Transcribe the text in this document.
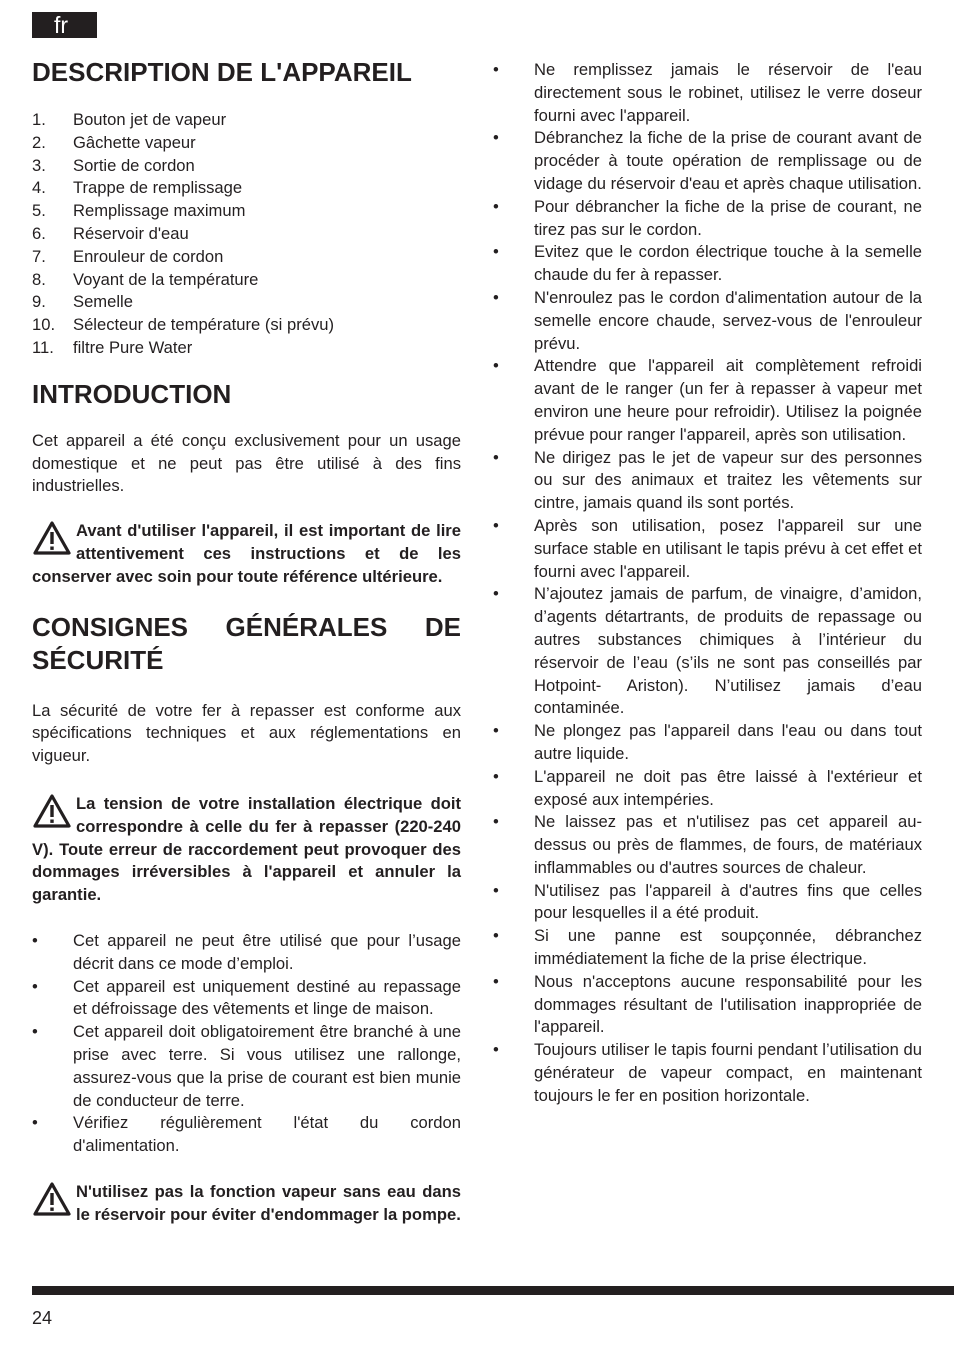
fr
DESCRIPTION DE L'APPAREIL
1.	Bouton jet de vapeur
2.	Gâchette vapeur
3.	Sortie de cordon
4.	Trappe de remplissage
5.	Remplissage maximum
6.	Réservoir d'eau
7.	Enrouleur de cordon
8.	Voyant de la température
9.	Semelle
10.	Sélecteur de température (si prévu)
11.	filtre Pure Water
INTRODUCTION

Cet appareil a été conçu exclusivement pour un usage domestique et ne peut pas être utilisé à des fins industrielles.

Avant d'utiliser l'appareil, il est important de lire attentivement ces instructions et de les conserver avec soin pour toute référence ultérieure.
CONSIGNES GÉNÉRALES DE
SÉCURITÉ

La sécurité de votre fer à repasser est conforme aux spécifications techniques et aux réglementations en vigueur.

La tension de votre installation électrique doit correspondre à celle du fer à repasser (220-240 V). Toute erreur de raccordement peut provoquer des dommages irréversibles à l'appareil et annuler la garantie.
•	Cet appareil ne peut être utilisé que pour l’usage décrit dans ce mode d’emploi.
•	Cet appareil est uniquement destiné au repassage et défroissage des vêtements et linge de maison.
•	Cet appareil doit obligatoirement être branché à une prise avec terre. Si vous utilisez une rallonge, assurez-vous que la prise de courant est bien munie de conducteur de terre.
•	Vérifiez régulièrement l'état du cordon d'alimentation.
N'utilisez pas la fonction vapeur sans eau dans le réservoir pour éviter d'endommager la pompe.
•	Ne remplissez jamais le réservoir de l'eau directement sous le robinet, utilisez le verre doseur fourni avec l'appareil.
•	Débranchez la fiche de la prise de courant avant de procéder à toute opération de remplissage ou de vidage du réservoir d'eau et après chaque utilisation.
•	Pour débrancher la fiche de la prise de courant, ne tirez pas sur le cordon.
•	Evitez que le cordon électrique touche à la semelle chaude du fer à repasser.
•	N'enroulez pas le cordon d'alimentation autour de la semelle encore chaude, servez-vous de l'enrouleur prévu.
•	Attendre que l'appareil ait complètement refroidi avant de le ranger (un fer à repasser à vapeur met environ une heure pour refroidir). Utilisez la poignée prévue pour ranger l'appareil, après son utilisation.
•	Ne dirigez pas le jet de vapeur sur des personnes ou sur des animaux et traitez les vêtements sur cintre, jamais quand ils sont portés.
•	Après son utilisation, posez l'appareil sur une surface stable en utilisant le tapis prévu à cet effet et fourni avec l'appareil.
•	N’ajoutez jamais de parfum, de vinaigre, d’amidon, d’agents détartrants, de produits de repassage ou autres substances chimiques à l’intérieur du réservoir de l’eau (s’ils ne sont pas conseillés par Hotpoint- Ariston). N’utilisez jamais d’eau contaminée.
•	Ne plongez pas l'appareil dans l'eau ou dans tout autre liquide.
•	L'appareil ne doit pas être laissé à l'extérieur et exposé aux intempéries.
•	Ne laissez pas et n'utilisez pas cet appareil au-dessus ou près de flammes, de fours, de matériaux inflammables ou d'autres sources de chaleur.
•	N'utilisez pas l'appareil à d'autres fins que celles pour lesquelles il a été produit.
•	Si une panne est soupçonnée, débranchez immédiatement la fiche de la prise électrique.
•	Nous n'acceptons aucune responsabilité pour les dommages résultant de l'utilisation inappropriée de l'appareil.
•	Toujours utiliser le tapis fourni pendant l’utilisation du générateur de vapeur compact, en maintenant toujours le fer en position horizontale.
24
